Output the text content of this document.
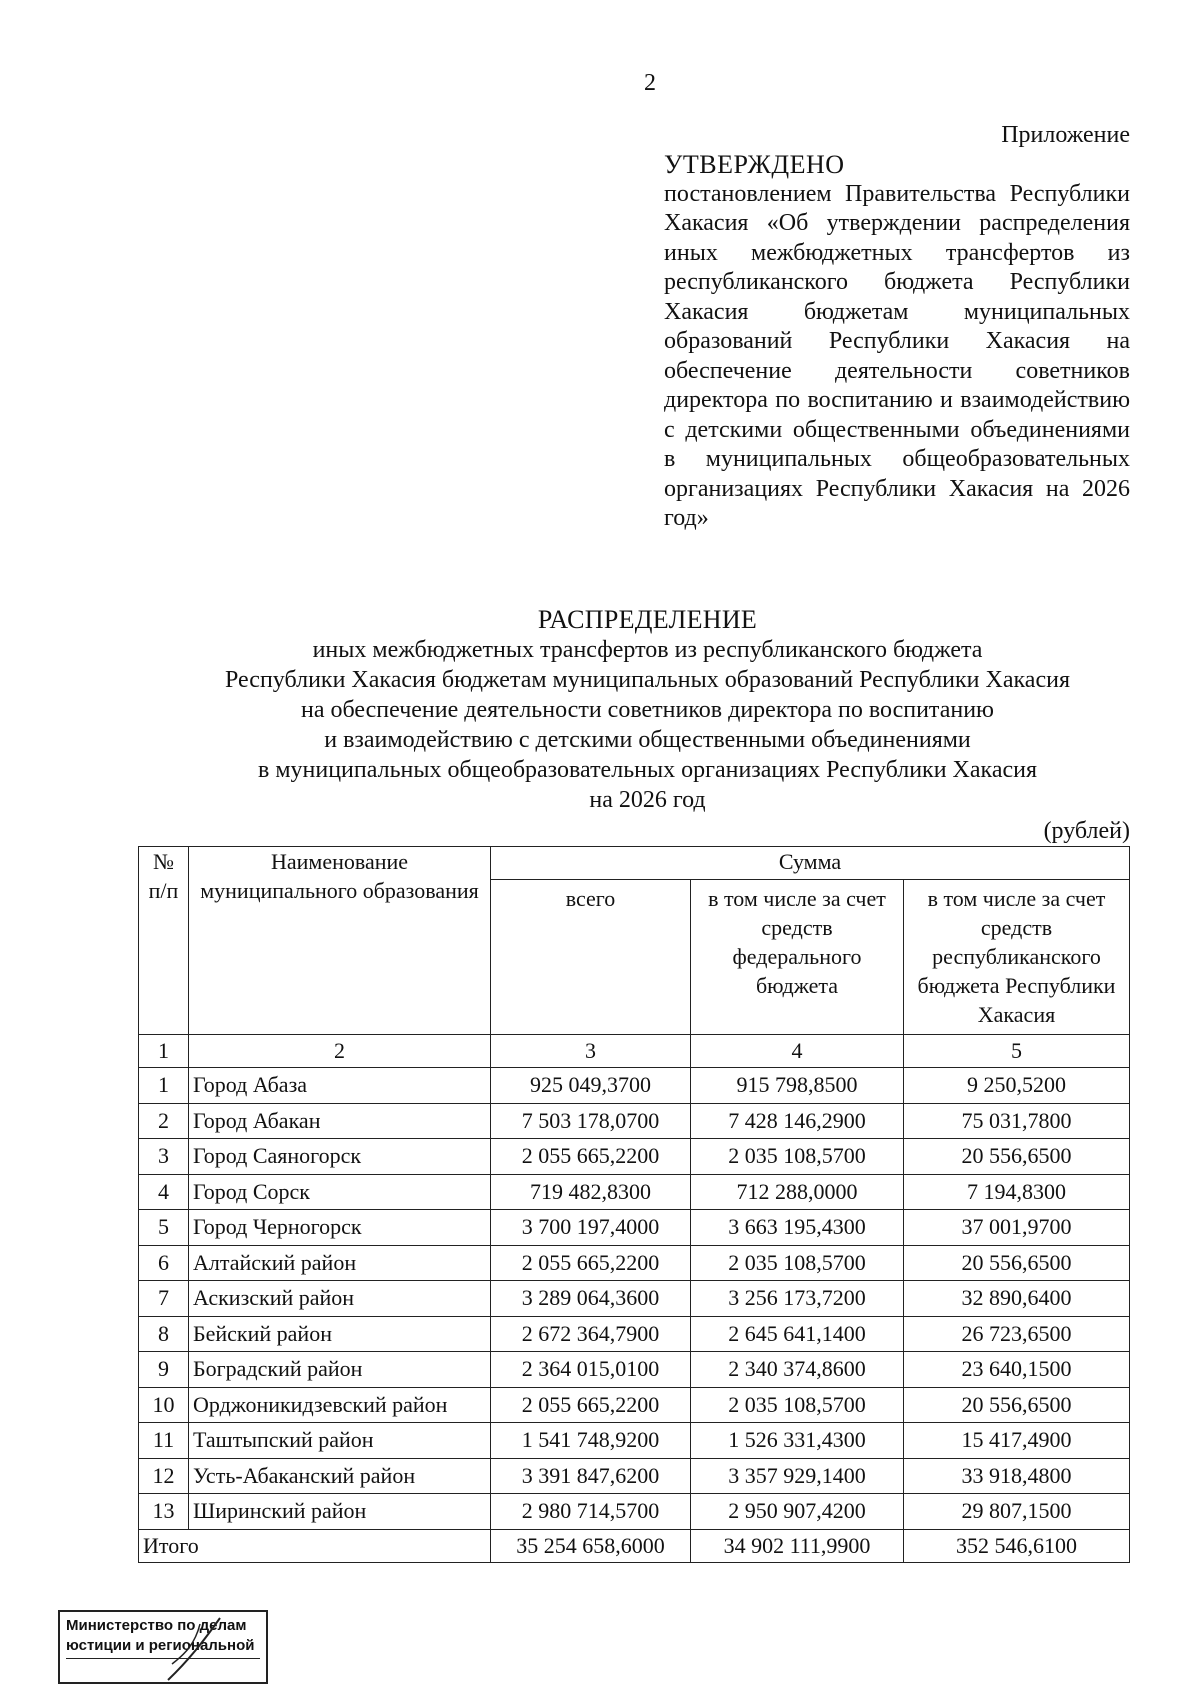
2
Приложение
УТВЕРЖДЕНО
постановлением Правительства Республики Хакасия «Об утверждении распределения иных межбюджетных трансфертов из республиканского бюджета Республики Хакасия бюджетам муниципальных образований Республики Хакасия на обеспечение деятельности советников директора по воспитанию и взаимодействию с детскими общественными объединениями в муниципальных общеобразовательных организациях Республики Хакасия на 2026 год»
РАСПРЕДЕЛЕНИЕ
иных межбюджетных трансфертов из республиканского бюджета
Республики Хакасия бюджетам муниципальных образований Республики Хакасия
на обеспечение деятельности советников директора по воспитанию
и взаимодействию с детскими общественными объединениями
в муниципальных общеобразовательных организациях Республики Хакасия
на 2026 год
(рублей)
№ п/п	Наименование муниципального образования	Сумма		
		всего	в том числе за счет средств федерального бюджета	в том числе за счет средств республиканского бюджета Республики Хакасия
1	2	3	4	5
1	Город Абаза	925 049,3700	915 798,8500	9 250,5200
2	Город Абакан	7 503 178,0700	7 428 146,2900	75 031,7800
3	Город Саяногорск	2 055 665,2200	2 035 108,5700	20 556,6500
4	Город Сорск	719 482,8300	712 288,0000	7 194,8300
5	Город Черногорск	3 700 197,4000	3 663 195,4300	37 001,9700
6	Алтайский район	2 055 665,2200	2 035 108,5700	20 556,6500
7	Аскизский район	3 289 064,3600	3 256 173,7200	32 890,6400
8	Бейский район	2 672 364,7900	2 645 641,1400	26 723,6500
9	Боградский район	2 364 015,0100	2 340 374,8600	23 640,1500
10	Орджоникидзевский район	2 055 665,2200	2 035 108,5700	20 556,6500
11	Таштыпский район	1 541 748,9200	1 526 331,4300	15 417,4900
12	Усть-Абаканский район	3 391 847,6200	3 357 929,1400	33 918,4800
13	Ширинский район	2 980 714,5700	2 950 907,4200	29 807,1500
Итого		35 254 658,6000	34 902 111,9900	352 546,6100
Министерство по делам
юстиции и региональной
